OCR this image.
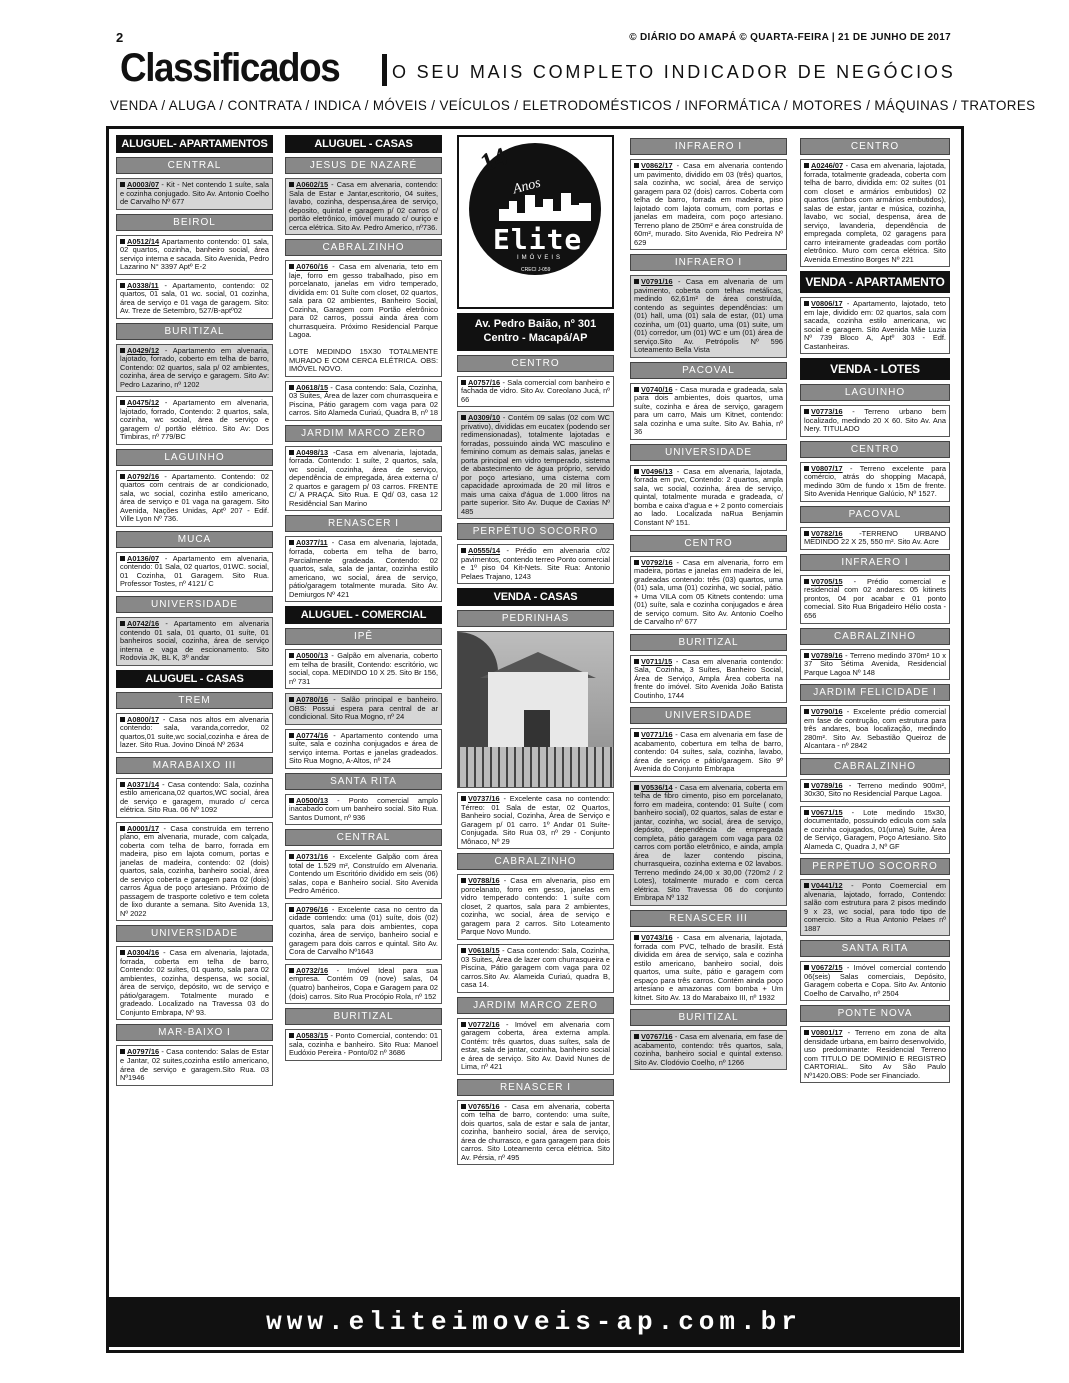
2	© DIÁRIO DO AMAPÁ © QUARTA-FEIRA | 21 DE JUNHO DE 2017
Classificados	O SEU MAIS COMPLETO INDICADOR DE NEGÓCIOS
VENDA / ALUGA / CONTRATA / INDICA / MÓVEIS / VEÍCULOS / ELETRODOMÉSTICOS / INFORMÁTICA / MOTORES / MÁQUINAS / TRATORES
ALUGUEL- APARTAMENTOS
CENTRAL
A0003/07 - Kit - Net contendo 1 suíte, sala e cozinha conjugado. Sito Av. Antonio Coelho de Carvalho Nº 677
BEIROL
A0512/14 Apartamento contendo: 01 sala, 02 quartos, cozinha, banheiro social, área serviço interna e sacada. Sito Avenida, Pedro Lazarino N° 3397 Aptº E-2
A0338/11 - Apartamento, contendo: 02 quartos, 01 sala, 01 wc. social, 01 cozinha, área de serviço e 01 vaga de garagem. Sito: Av. Treze de Setembro, 527/B-aptº02
BURITIZAL
A0429/12 - Apartamento em alvenaria, lajotado, forrado, coberto em telha de barro, Contendo: 02 quartos, sala p/ 02 ambientes, cozinha, área de serviço e garagem. Sito Av: Pedro Lazarino, nº 1202
A0475/12 - Apartamento em alvenaria, lajotado, forrado, Contendo: 2 quartos, sala, cozinha, wc social, área de serviço e garagem c/ portão elétrico. Sito Av: Dos Timbiras, nº 779/BC
LAGUINHO
A0792/16 - Apartamento. Contendo: 02 quartos com centrais de ar condicionado, sala, wc social, cozinha estilo americano, área de serviço e 01 vaga na garagem. Sito Avenida, Nações Unidas, Aptº 207 - Edif. Ville Lyon Nº 736.
MUCA
A0136/07 - Apartamento em alvenaria, contendo: 01 Sala, 02 quartos, 01WC. social, 01 Cozinha, 01 Garagem. Sito Rua. Professor Tostes, nº 4121/ C
UNIVERSIDADE
A0742/16 - Apartamento em alvenaria contendo 01 sala, 01 quarto, 01 suíte, 01 banheiros social, cozinha, área de serviço interna e vaga de escionamento. Sito Rodovia JK, BL K, 3º andar
ALUGUEL - CASAS
TREM
A0800/17 - Casa nos altos em alvenaria contendo: sala, varanda,corredor, 02 quartos,01 suite,wc social,cozinha e área de lazer. Sito Rua. Jovino Dinoá Nº 2634
MARABAIXO III
A0371/14 - Casa contendo: Sala, cozinha estilo americana,02 quartos,WC social, área de serviço e garagem, murado c/ cerca elétrica. Sito Rua. 06 Nº 1092
A0001/17 - Casa construída em terreno plano, em alvenaria, murade, com calçada, coberta com telha de barro, forrada em madeira, piso em lajota comum, portas e janelas de madeira, contendo: 02 (dois) quartos, sala, cozinha, banheiro social, área de serviço coberta e garagem para 02 (dois) carros Água de poço artesiano. Próximo de passagem de trasporte coletivo e tem coleta de lixo durante a semana. Sito Avenida 13, Nº 2022
UNIVERSIDADE
A0304/16 - Casa em alvenaria, lajotada, forrada, coberta em telha de barro, Contendo: 02 suítes, 01 quarto, sala para 02 ambientes, cozinha, despensa, wc social, área de serviço, depósito, wc de serviço e pátio/garagem. Totalmente murado e gradeado. Localizado na Travessa 03 do Conjunto Embrapa, Nº 93.
MAR-BAIXO I
A0797/16 - Casa contendo: Salas de Estar e Jantar, 02 suites,cozinha estilo americano, área de serviço e garagem.Sito Rua. 03 Nº1946
ALUGUEL - CASAS
JESUS DE NAZARÉ
A0602/15 - Casa em alvenaria, contendo: Sala de Estar e Jantar,escritorio, 04 suites, lavabo, cozinha, despensa,área de serviço, deposito, quintal e garagem p/ 02 carros c/ portão eletrônico, imóvel murado c/ ouriço e cerca elétrica. Sito Av. Pedro Americo, nº736.
CABRALZINHO
A0760/16 - Casa em alvenaria, teto em laje, forro em gesso trabalhado, piso em porcelanato, janelas em vidro temperado, dividida em: 01 Suíte com closet, 02 quartos, sala para 02 ambientes, Banheiro Social, Cozinha, Garagem com Portão eletrônico para 02 carros, possui ainda área com churrasqueira. Próximo Residencial Parque Lagoa.

LOTE MEDINDO 15X30 TOTALMENTE MURADO E COM CERCA ELÉTRICA. OBS: IMÓVEL NOVO.
A0618/15 - Casa contendo: Sala, Cozinha, 03 Suites, Área de lazer com churrasqueira e Piscina, Pátio garagem com vaga para 02 carros. Sito Alameda Curiaú, Quadra B, nº 18
JARDIM MARCO ZERO
A0498/13 -Casa em alvenaria, lajotada, forrada. Contendo: 1 suíte, 2 quartos, sala, wc social, cozinha, área de serviço, dependência de empregada, área externa c/ 2 quartos e garagem p/ 03 carros. FRENTE C/ A PRAÇA. Sito Rua. E Qd/ 03, casa 12 Residêncial San Marino
RENASCER I
A0377/11 - Casa em alvenaria, lajotada, forrada, coberta em telha de barro, Parcialmente gradeada. Contendo: 02 quartos, sala, sala de jantar, cozinha estilo americano, wc social, área de serviço, pátio/garagem totalmente murada. Sito Av. Demiurgos Nº 421
ALUGUEL - COMERCIAL
IPÊ
A0500/13 - Galpão em alvenaria, coberto em telha de brasilit, Contendo: escritório, wc social, copa. MEDINDO 10 X 25. Sito Br 156, nº 731
A0780/16 - Salão principal e banheiro. OBS: Possui espera para central de ar condicional. Sito Rua Mogno, nº 24
A0774/16 - Apartamento contendo uma suíte, sala e cozinha conjugados e área de serviço interna. Portas e janelas gradeados. Sito Rua Mogno, A-Altos, nº 24
SANTA RITA
A0500/13 - Ponto comercial amplo inacabado com um banheiro social. Sito Rua. Santos Dumont, nº 936
CENTRAL
A0731/16 - Excelente Galpão com área total de 1.529 m², Construído em Alvenaria. Contendo um Escritório dividido em seis (06) salas, copa e Banheiro social. Sito Avenida Pedro Américo.
A0796/16 - Excelente casa no centro da cidade contendo: uma (01) suíte, dois (02) quartos, sala para dois ambientes, copa cozinha, área de serviço, banheiro social e garagem para dois carros e quintal. Sito Av. Cora de Carvalho Nº1643
A0732/16 - Imóvel Ideal para sua empresa. Contém 09 (nove) salas, 04 (quatro) banheiros, Copa e Garagem para 02 (dois) carros. Sito Rua Procópio Rola, nº 152
BURITIZAL
A0583/15 - Ponto Comercial, contendo: 01 sala, cozinha e banheiro. Sito Rua: Manoel Eudóxio Pereira - Ponto/02 nº 3686
Anos
Elite
IMÓVEIS
CRECI J-059
14
Av. Pedro Baião, nº 301 Centro - Macapá/AP
CENTRO
A0757/16 - Sala comercial com banheiro e fachada de vidro. Sito Av. Coreolano Jucá, nº 66
A0309/10 - Contém 09 salas (02 com WC privativo), divididas em eucatex (podendo ser redimensionadas), totalmente lajotadas e forradas, possuindo ainda WC masculino e feminino comum as demais salas, janelas e porta principal em vidro temperado, sistema de abastecimento de água próprio, servido por poço artesiano, uma cisterna com capacidade aproximada de 20 mil litros e mais uma caixa d'água de 1.000 litros na parte superior. Sito Av. Duque de Caxias Nº 485
PERPÉTUO SOCORRO
A0555/14 - Prédio em alvenaria c/02 pavimentos, contendo terreo Ponto comercial e 1º piso 04 Kit-Nets. Site Rua: Antonio Pelaes Trajano, 1243
VENDA - CASAS
PEDRINHAS
V0737/16 - Excelente casa no contendo: Térreo: 01 Sala de estar, 02 Quartos, Banheiro social, Cozinha, Área de Serviço e Garagem p/ 01 carro. 1º Andar 01 Suíte-Conjugada. Sito Rua 03, nº 29 - Conjunto Mônaco, Nº 29
CABRALZINHO
V0788/16 - Casa em alvenaria, piso em porcelanato, forro em gesso, janelas em vidro temperado contendo: 1 suíte com closet, 2 quartos, sala para 2 ambientes, cozinha, wc social, área de serviço e garagem para 2 carros. Sito Loteamento Parque Novo Mundo.
V0618/15 - Casa contendo: Sala, Cozinha, 03 Suites, Área de lazer com churrasqueira e Piscina, Pátio garagem com vaga para 02 carros.Sito Av. Alameida Curiaú, quadra B, casa 14.
JARDIM MARCO ZERO
V0772/16 - Imóvel em alvenaria com garagem coberta, área externa ampla. Contém: três quartos, duas suítes, sala de estar, sala de jantar, cozinha, banheiro social e área de serviço. Sito Av. David Nunes de Lima, nº 421
RENASCER I
V0765/16 - Casa em alvenaria, coberta com telha de barro, contendo: uma suíte, dois quartos, sala de estar e sala de jantar, cozinha, banheiro social, área de serviço, área de churrasco, e gara garagem para dois carros. Sito Loteamento cerca elétrica. Sito Av. Pérsia, nº 495
INFRAERO I
V0862/17 - Casa em alvenaria contendo um pavimento, dividido em 03 (três) quartos, sala cozinha, wc social, área de serviço garagem para 02 (dois) carros. Coberta com telha de barro, forrada em madeira, piso lajotado com lajota comum, com portas e janelas em madeira, com poço artesiano. Terreno plano de 250m² e área construída de 60m², murado. Sito Avenida, Rio Pedreira Nº 629
INFRAERO I
V0791/16 - Casa em alvenaria de um pavimento, coberta com telhas metálicas, medindo 62,61m² de área construída, contendo as seguintes dependências: um (01) hall, uma (01) sala de estar, (01) uma cozinha, um (01) quarto, uma (01) suite, um (01) corredor, um (01) WC e um (01) área de serviço.Sito Av. Petrópolis Nº 596 Loteamento Bella Vista
PACOVAL
V0740/16 - Casa murada e gradeada, sala para dois ambientes, dois quartos, uma suíte, cozinha e área de serviço, garagem para um carro, Mais um Kitnet, contendo: sala cozinha e uma suíte. Sito Av. Bahia, nº 36
UNIVERSIDADE
V0496/13 - Casa em alvenaria, lajotada, forrada em pvc, Contendo: 2 quartos, ampla sala, wc social, cozinha, área de serviço, quintal, totalmente murada e gradeada, c/ bomba e caixa d'agua e + 2 ponto comerciais ao lado. Localizada naRua Benjamin Constant Nº 151.
CENTRO
V0792/16 - Casa em alvenaria, forro em madeira, portas e janelas em madeira de lei, gradeadas contendo: três (03) quartos, uma (01) sala, uma (01) cozinha, wc social, pátio. + Uma VILA com 05 Kitnets contendo: uma (01) suíte, sala e cozinha conjugados e área de serviço comum. Sito Av. Antonio Coelho de Carvalho nº 677
BURITIZAL
V0711/15 - Casa em alvenaria contendo: Sala, Cozinha, 3 Suítes, Banheiro Social, Área de Serviço, Ampla Área coberta na frente do imóvel. Sito Avenida João Batista Coutinho, 1744
UNIVERSIDADE
V0771/16 - Casa em alvenaria em fase de acabamento, cobertura em telha de barro, contendo: 04 suítes, sala, cozinha, lavabo, área de serviço e pátio/garagem. Sito 9º Avenida do Conjunto Embrapa
V0536/14 - Casa em alvenaria, coberta em telha de fibro cimento, piso em porcelanato, forro em madeira, contendo: 01 Suíte ( com banheiro social), 02 quartos, salas de estar e jantar, cozinha, wc social, área de serviço, depósito, dependência de empregada completa, pátio garagem com vaga para 02 carros com portão eletrônico, e ainda, ampla área de lazer contendo piscina, churrasqueira, cozinha externa e 02 lavabos. Terreno medindo 24,00 x 30,00 (720m2 / 2 Lotes), totalmente murado e com cerca elétrica. Sito Travessa 06 do conjunto Embrapa Nº 132
RENASCER III
V0743/16 - Casa em alvenaria, lajotada, forrada com PVC, telhado de brasilit. Está dividida em área de serviço, sala e cozinha estilo americano, banheiro social, dois quartos, uma suíte, pátio e garagem com espaço para três carros. Contém ainda poço artesiano e amazonas com bomba + Um kitnet. Sito Av. 13 do Marabaixo III, nº 1932
BURITIZAL
V0767/16 - Casa em alvenaria, em fase de acabamento, contendo: três quartos, sala, cozinha, banheiro social e quintal extenso. Sito Av. Clodóvio Coelho, nº 1266
CENTRO
A0246/07 - Casa em alvenaria, lajotada, forrada, totalmente gradeada, coberta com telha de barro, dividida em: 02 suítes (01 com closet e armários embutidos) 02 quartos (ambos com armários embutidos), salas de estar, jantar e música, cozinha, lavabo, wc social, despensa, área de serviço, lavanderia, dependência de empregada completa, 02 garagens para carro inteiramente gradeadas com portão eletrônico. Muro com cerca elétrica. Sito Avenida Ernestino Borges Nº 221
VENDA - APARTAMENTO
V0806/17 - Apartamento, lajotado, teto em laje, dividido em: 02 quartos, sala com sacada, cozinha estilo americana, wc social e garagem. Sito Avenida Mãe Luzia Nº 739 Bloco A, Aptº 303 - Edf. Castanheiras.
VENDA - LOTES
LAGUINHO
V0773/16 - Terreno urbano bem localizado, medindo 20 X 60. Sito Av. Ana Nery. TITULADO
CENTRO
V0807/17 - Terreno excelente para comércio, atrás do shopping Macapá, medindo 30m de fundo x 15m de frente. Sito Avenida Henrique Galúcio, Nº 1527.
PACOVAL
V0782/16 -TERRENO URBANO MEDINDO 22 X 25, 550 m². Sito Av. Acre
INFRAERO I
V0705/15 - Prédio comercial e residencial com 02 andares: 05 kitinets prontos, 04 por acabar e 01 ponto comecial. Sito Rua Brigadeiro Hélio costa - 656
CABRALZINHO
V0789/16 - Terreno medindo 370m² 10 x 37 Sito Sétima Avenida, Residencial Parque Lagoa Nº 148
JARDIM FELICIDADE I
V0790/16 - Excelente prédio comercial em fase de contrução, com estrutura para três andares, boa localização, medindo 280m². Sito Av. Sebastião Queiroz de Alcantara - nº 2842
CABRALZINHO
V0789/16 - Terreno medindo 900m², 30x30, Sito no Residencial Parque Lagoa.
V0671/15 - Lote medindo 15x30, documentado, possuindo edicula com sala e cozinha cojugados, 01(uma) Suíte, Área de Serviço, Garagem, Poço Artesiano. Sito Alameda C, Quadra J, Nº GF
PERPÉTUO SOCORRO
V0441/12 - Ponto Coemercial em alvenaria, lajotado, forrado, Contendo: salão com estrutura para 2 pisos medindo 9 x 23, wc social, para todo tipo de comercio. Sito a Rua Antonio Pelaes nº 1887
SANTA RITA
V0672/15 - Imóvel comercial contendo 06(seis) Salas comerciais, Depósito, Garagem coberta e Copa. Sito Av. Antonio Coelho de Carvalho, nº 2504
PONTE NOVA
V0801/17 - Terreno em zona de alta densidade urbana, em bairro desenvolvido, uso predominante: Residencial Terreno com TITULO DE DOMINIO E REGISTRO CARTORIAL. Sito Av São Paulo Nº1420.OBS: Pode ser Financiado.
www.eliteimoveis-ap.com.br
